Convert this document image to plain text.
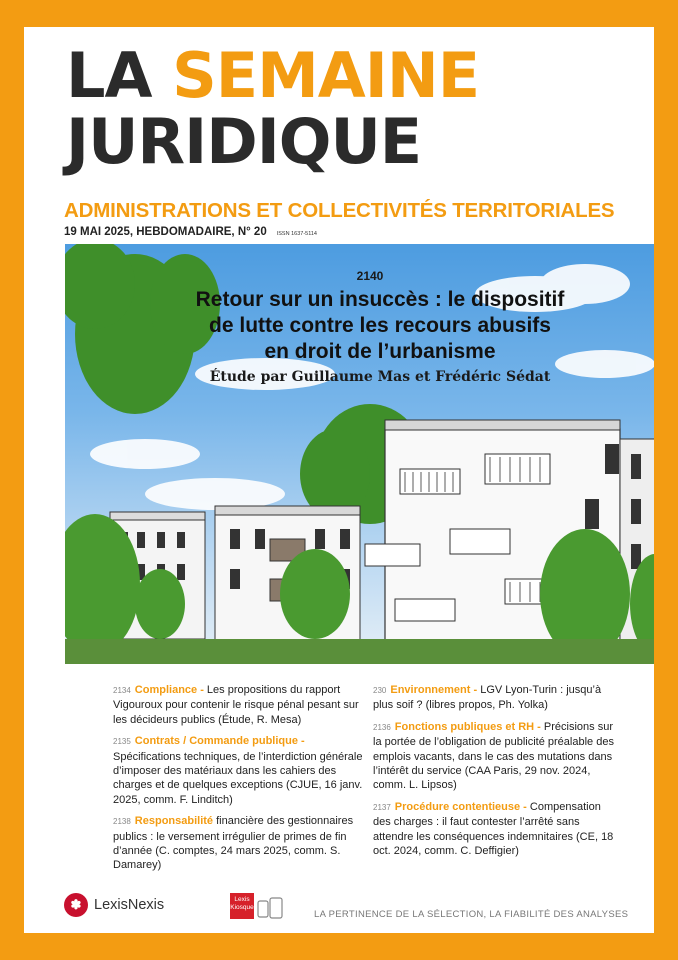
LA SEMAINE
JURIDIQUE
ADMINISTRATIONS ET COLLECTIVITÉS TERRITORIALES
19 MAI 2025, HEBDOMADAIRE, N° 20 ISSN 1637-5114
2140
Retour sur un insuccès : le dispositif
de lutte contre les recours abusifs
en droit de l’urbanisme
Étude par Guillaume Mas et Frédéric Sédat
2134 Compliance - Les propositions du rapport Vigouroux pour contenir le risque pénal pesant sur les décideurs publics (Étude, R. Mesa)
2135 Contrats / Commande publique - Spécifications techniques, de l’interdiction générale d’imposer des matériaux dans les cahiers des charges et de quelques exceptions (CJUE, 16 janv. 2025, comm. F. Linditch)
2138 Responsabilité financière des gestionnaires publics : le versement irrégulier de primes de fin d’année (C. comptes, 24 mars 2025, comm. S. Damarey)
230 Environnement - LGV Lyon-Turin : jusqu’à plus soif ? (libres propos, Ph. Yolka)
2136 Fonctions publiques et RH - Précisions sur la portée de l’obligation de publicité préalable des emplois vacants, dans le cas des mutations dans l’intérêt du service (CAA Paris, 29 nov. 2024, comm. L. Lipsos)
2137 Procédure contentieuse - Compensation des charges : il faut contester l’arrêté sans attendre les conséquences indemnitaires (CE, 18 oct. 2024, comm. C. Deffigier)
✽ LexisNexis	Lexis
Kiosque
LA PERTINENCE DE LA SÉLECTION, LA FIABILITÉ DES ANALYSES
